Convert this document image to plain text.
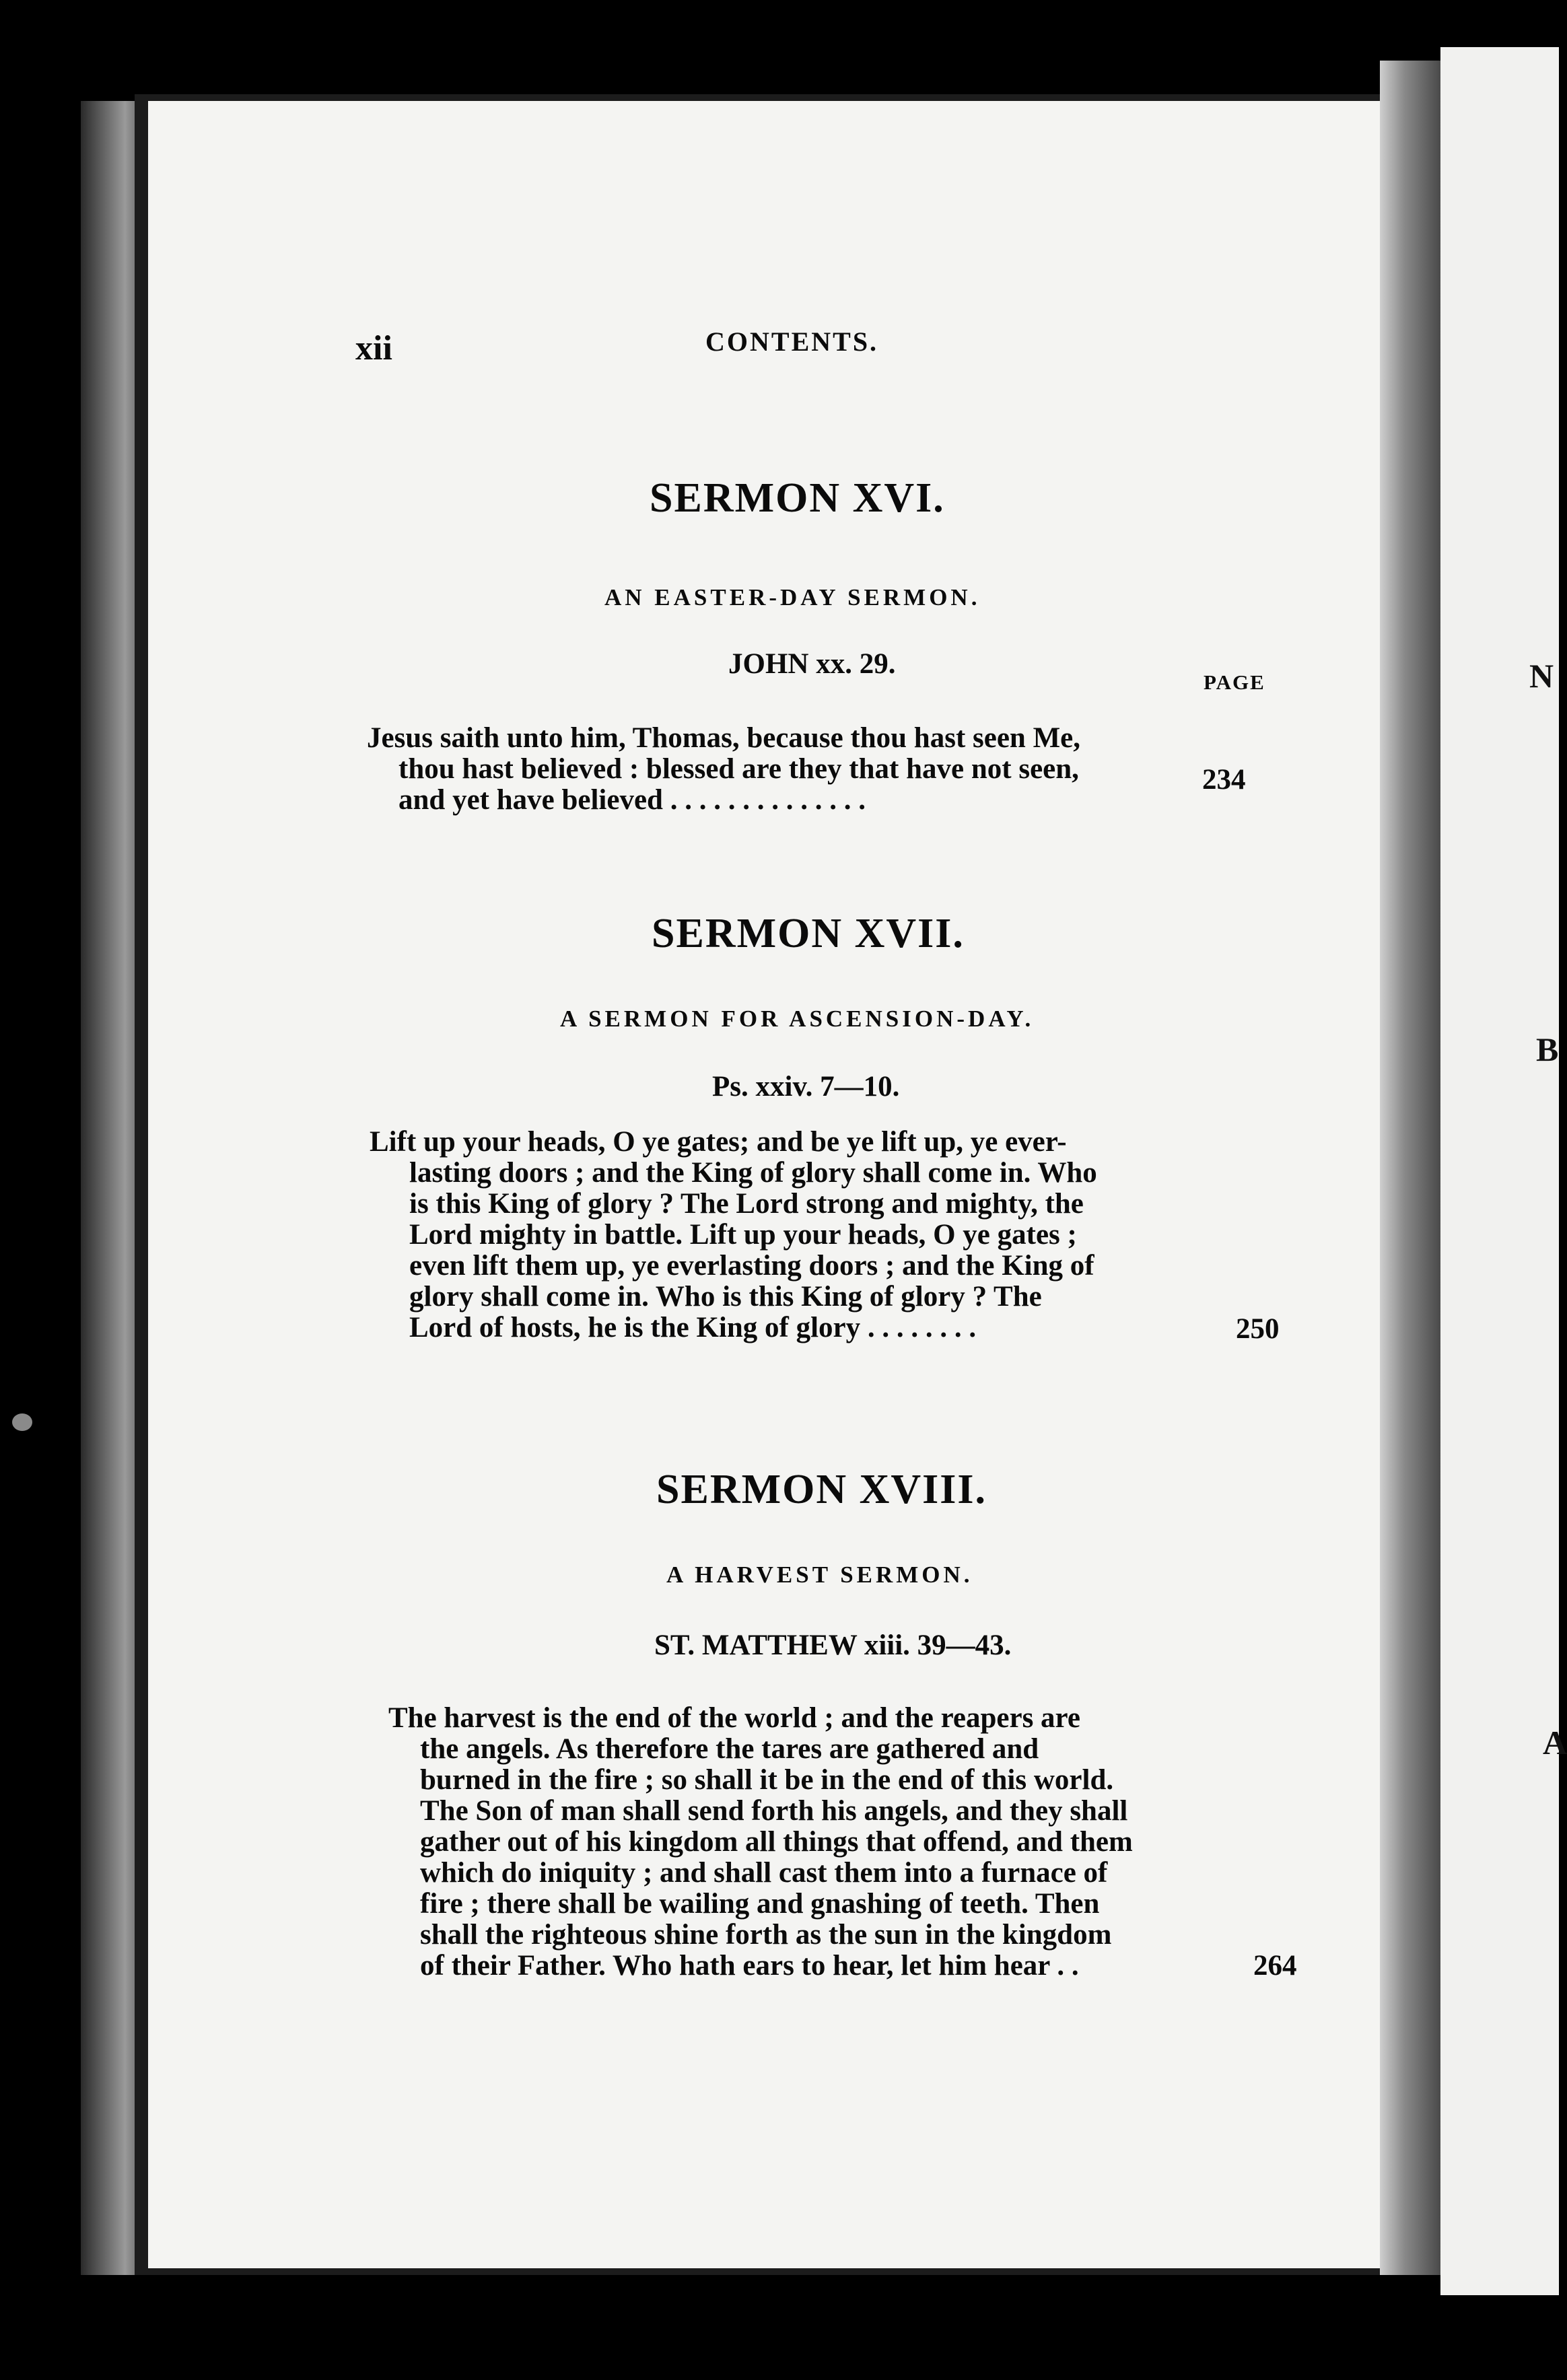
N
B
A
xii	CONTENTS.
SERMON XVI.
AN EASTER-DAY SERMON.
JOHN xx. 29.
PAGE
Jesus saith unto him, Thomas, because thou hast seen Me,
thou hast believed : blessed are they that have not seen,
and yet have believed . . . . . . . . . . . . . .
234
SERMON XVII.
A SERMON FOR ASCENSION-DAY.
Ps. xxiv. 7—10.
Lift up your heads, O ye gates; and be ye lift up, ye ever-
lasting doors ; and the King of glory shall come in. Who
is this King of glory ? The Lord strong and mighty, the
Lord mighty in battle. Lift up your heads, O ye gates ;
even lift them up, ye everlasting doors ; and the King of
glory shall come in. Who is this King of glory ? The
Lord of hosts, he is the King of glory . . . . . . . .	250
SERMON XVIII.
A HARVEST SERMON.
ST. MATTHEW xiii. 39—43.
The harvest is the end of the world ; and the reapers are
the angels. As therefore the tares are gathered and
burned in the fire ; so shall it be in the end of this world.
The Son of man shall send forth his angels, and they shall
gather out of his kingdom all things that offend, and them
which do iniquity ; and shall cast them into a furnace of
fire ; there shall be wailing and gnashing of teeth. Then
shall the righteous shine forth as the sun in the kingdom
of their Father. Who hath ears to hear, let him hear . .	264
